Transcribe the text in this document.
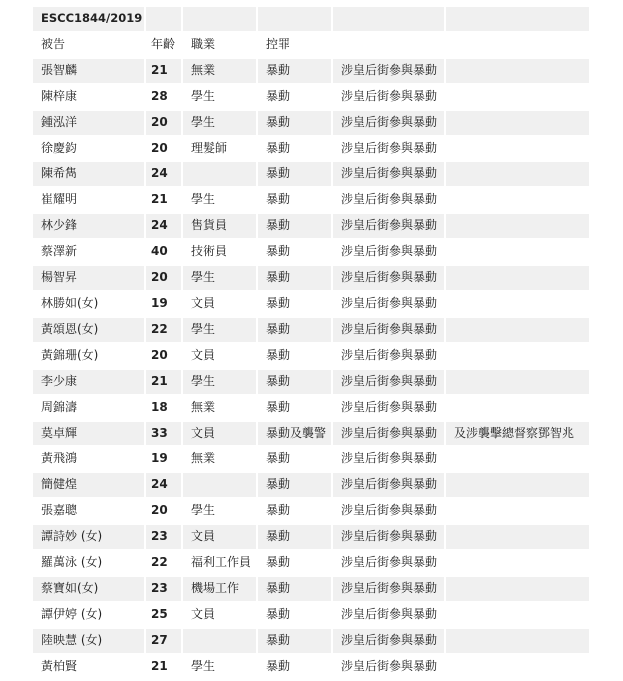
ESCC1844/2019					
被告	年齡	職業	控罪		
張智麟	21	無業	暴動	涉皇后街參與暴動	
陳梓康	28	學生	暴動	涉皇后街參與暴動	
鍾泓洋	20	學生	暴動	涉皇后街參與暴動	
徐慶鈞	20	理髮師	暴動	涉皇后街參與暴動	
陳希雋	24		暴動	涉皇后街參與暴動	
崔耀明	21	學生	暴動	涉皇后街參與暴動	
林少鋒	24	售貨員	暴動	涉皇后街參與暴動	
蔡澤新	40	技術員	暴動	涉皇后街參與暴動	
楊智昇	20	學生	暴動	涉皇后街參與暴動	
林勝如(女)	19	文員	暴動	涉皇后街參與暴動	
黃頌恩(女)	22	學生	暴動	涉皇后街參與暴動	
黃錦珊(女)	20	文員	暴動	涉皇后街參與暴動	
李少康	21	學生	暴動	涉皇后街參與暴動	
周錦濤	18	無業	暴動	涉皇后街參與暴動	
莫卓輝	33	文員	暴動及襲警	涉皇后街參與暴動	及涉襲擊總督察鄧智兆
黃飛鴻	19	無業	暴動	涉皇后街參與暴動	
簡健煌	24		暴動	涉皇后街參與暴動	
張嘉聰	20	學生	暴動	涉皇后街參與暴動	
譚詩妙 (女)	23	文員	暴動	涉皇后街參與暴動	
羅萬泳 (女)	22	福利工作員	暴動	涉皇后街參與暴動	
蔡寶如(女)	23	機場工作	暴動	涉皇后街參與暴動	
譚伊婷 (女)	25	文員	暴動	涉皇后街參與暴動	
陸映慧 (女)	27		暴動	涉皇后街參與暴動	
黃柏賢	21	學生	暴動	涉皇后街參與暴動	
